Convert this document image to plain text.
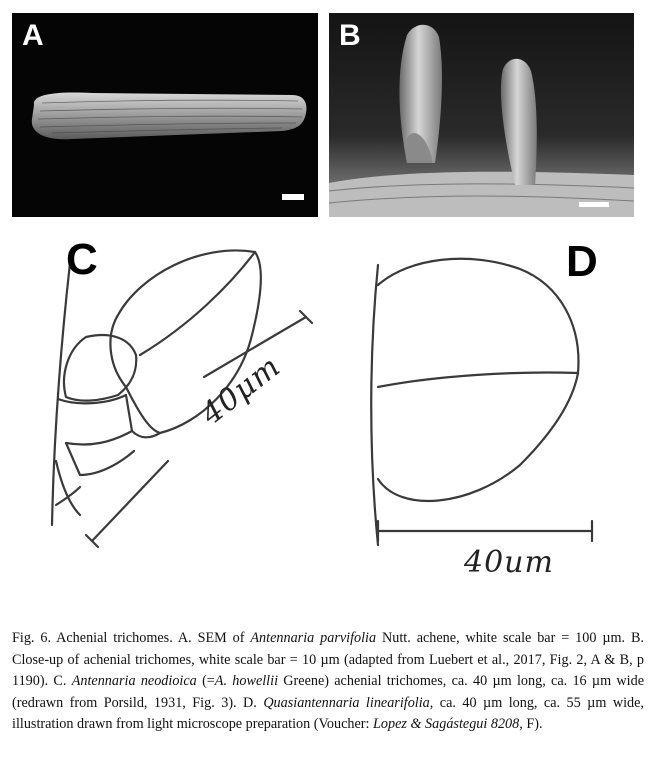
A	B
C	D
40μm
40um
Fig. 6. Achenial trichomes. A. SEM of Antennaria parvifolia Nutt. achene, white scale bar = 100 µm. B. Close-up of achenial trichomes, white scale bar = 10 µm (adapted from Luebert et al., 2017, Fig. 2, A & B, p 1190). C. Antennaria neodioica (=A. howellii Greene) achenial trichomes, ca. 40 µm long, ca. 16 µm wide (redrawn from Porsild, 1931, Fig. 3). D. Quasiantennaria linearifolia, ca. 40 µm long, ca. 55 µm wide, illustration drawn from light microscope preparation (Voucher: Lopez & Sagástegui 8208, F).
